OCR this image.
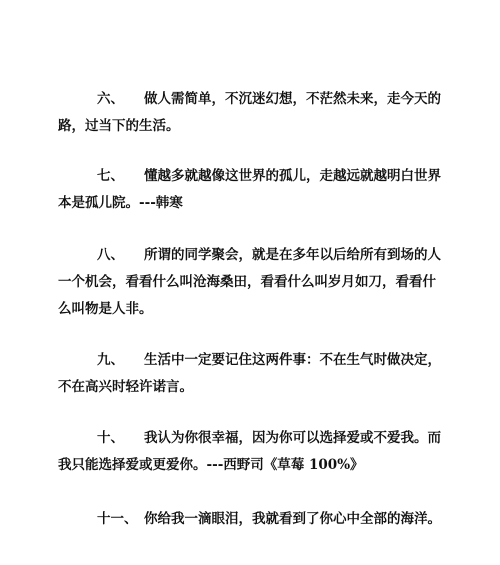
六、 做人需简单，不沉迷幻想，不茫然未来，走今天的
路，过当下的生活。
七、 懂越多就越像这世界的孤儿，走越远就越明白世界
本是孤儿院。---韩寒
八、 所谓的同学聚会，就是在多年以后给所有到场的人
一个机会，看看什么叫沧海桑田，看看什么叫岁月如刀，看看什
么叫物是人非。
九、 生活中一定要记住这两件事：不在生气时做决定，
不在高兴时轻许诺言。
十、 我认为你很幸福，因为你可以选择爱或不爱我。而
我只能选择爱或更爱你。---西野司《草莓 100%》
十一、 你给我一滴眼泪，我就看到了你心中全部的海洋。
